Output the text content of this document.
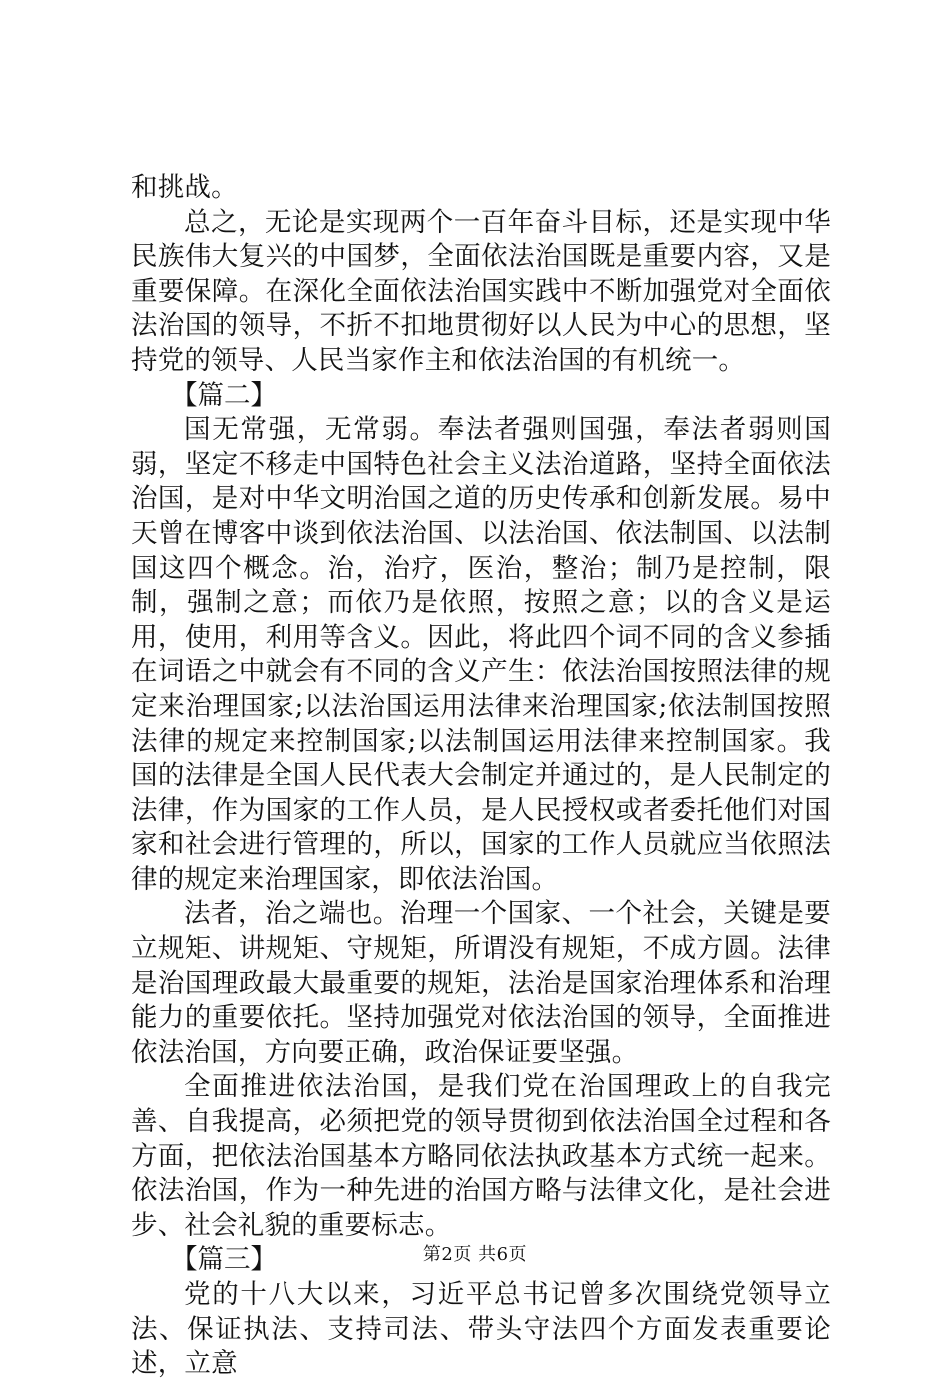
和挑战。

总之，无论是实现两个一百年奋斗目标，还是实现中华民族伟大复兴的中国梦，全面依法治国既是重要内容，又是重要保障。在深化全面依法治国实践中不断加强党对全面依法治国的领导，不折不扣地贯彻好以人民为中心的思想，坚持党的领导、人民当家作主和依法治国的有机统一。

【篇二】

国无常强，无常弱。奉法者强则国强，奉法者弱则国弱，坚定不移走中国特色社会主义法治道路，坚持全面依法治国，是对中华文明治国之道的历史传承和创新发展。易中天曾在博客中谈到依法治国、以法治国、依法制国、以法制国这四个概念。治，治疗，医治，整治；制乃是控制，限制，强制之意；而依乃是依照，按照之意；以的含义是运用，使用，利用等含义。因此，将此四个词不同的含义参插在词语之中就会有不同的含义产生：依法治国按照法律的规定来治理国家;以法治国运用法律来治理国家;依法制国按照法律的规定来控制国家;以法制国运用法律来控制国家。我国的法律是全国人民代表大会制定并通过的，是人民制定的法律，作为国家的工作人员，是人民授权或者委托他们对国家和社会进行管理的，所以，国家的工作人员就应当依照法律的规定来治理国家，即依法治国。

法者，治之端也。治理一个国家、一个社会，关键是要立规矩、讲规矩、守规矩，所谓没有规矩，不成方圆。法律是治国理政最大最重要的规矩，法治是国家治理体系和治理能力的重要依托。坚持加强党对依法治国的领导，全面推进依法治国，方向要正确，政治保证要坚强。

全面推进依法治国，是我们党在治国理政上的自我完善、自我提高，必须把党的领导贯彻到依法治国全过程和各方面，把依法治国基本方略同依法执政基本方式统一起来。依法治国，作为一种先进的治国方略与法律文化，是社会进步、社会礼貌的重要标志。

【篇三】

党的十八大以来，习近平总书记曾多次围绕党领导立法、保证执法、支持司法、带头守法四个方面发表重要论述，立意

第2页 共6页
